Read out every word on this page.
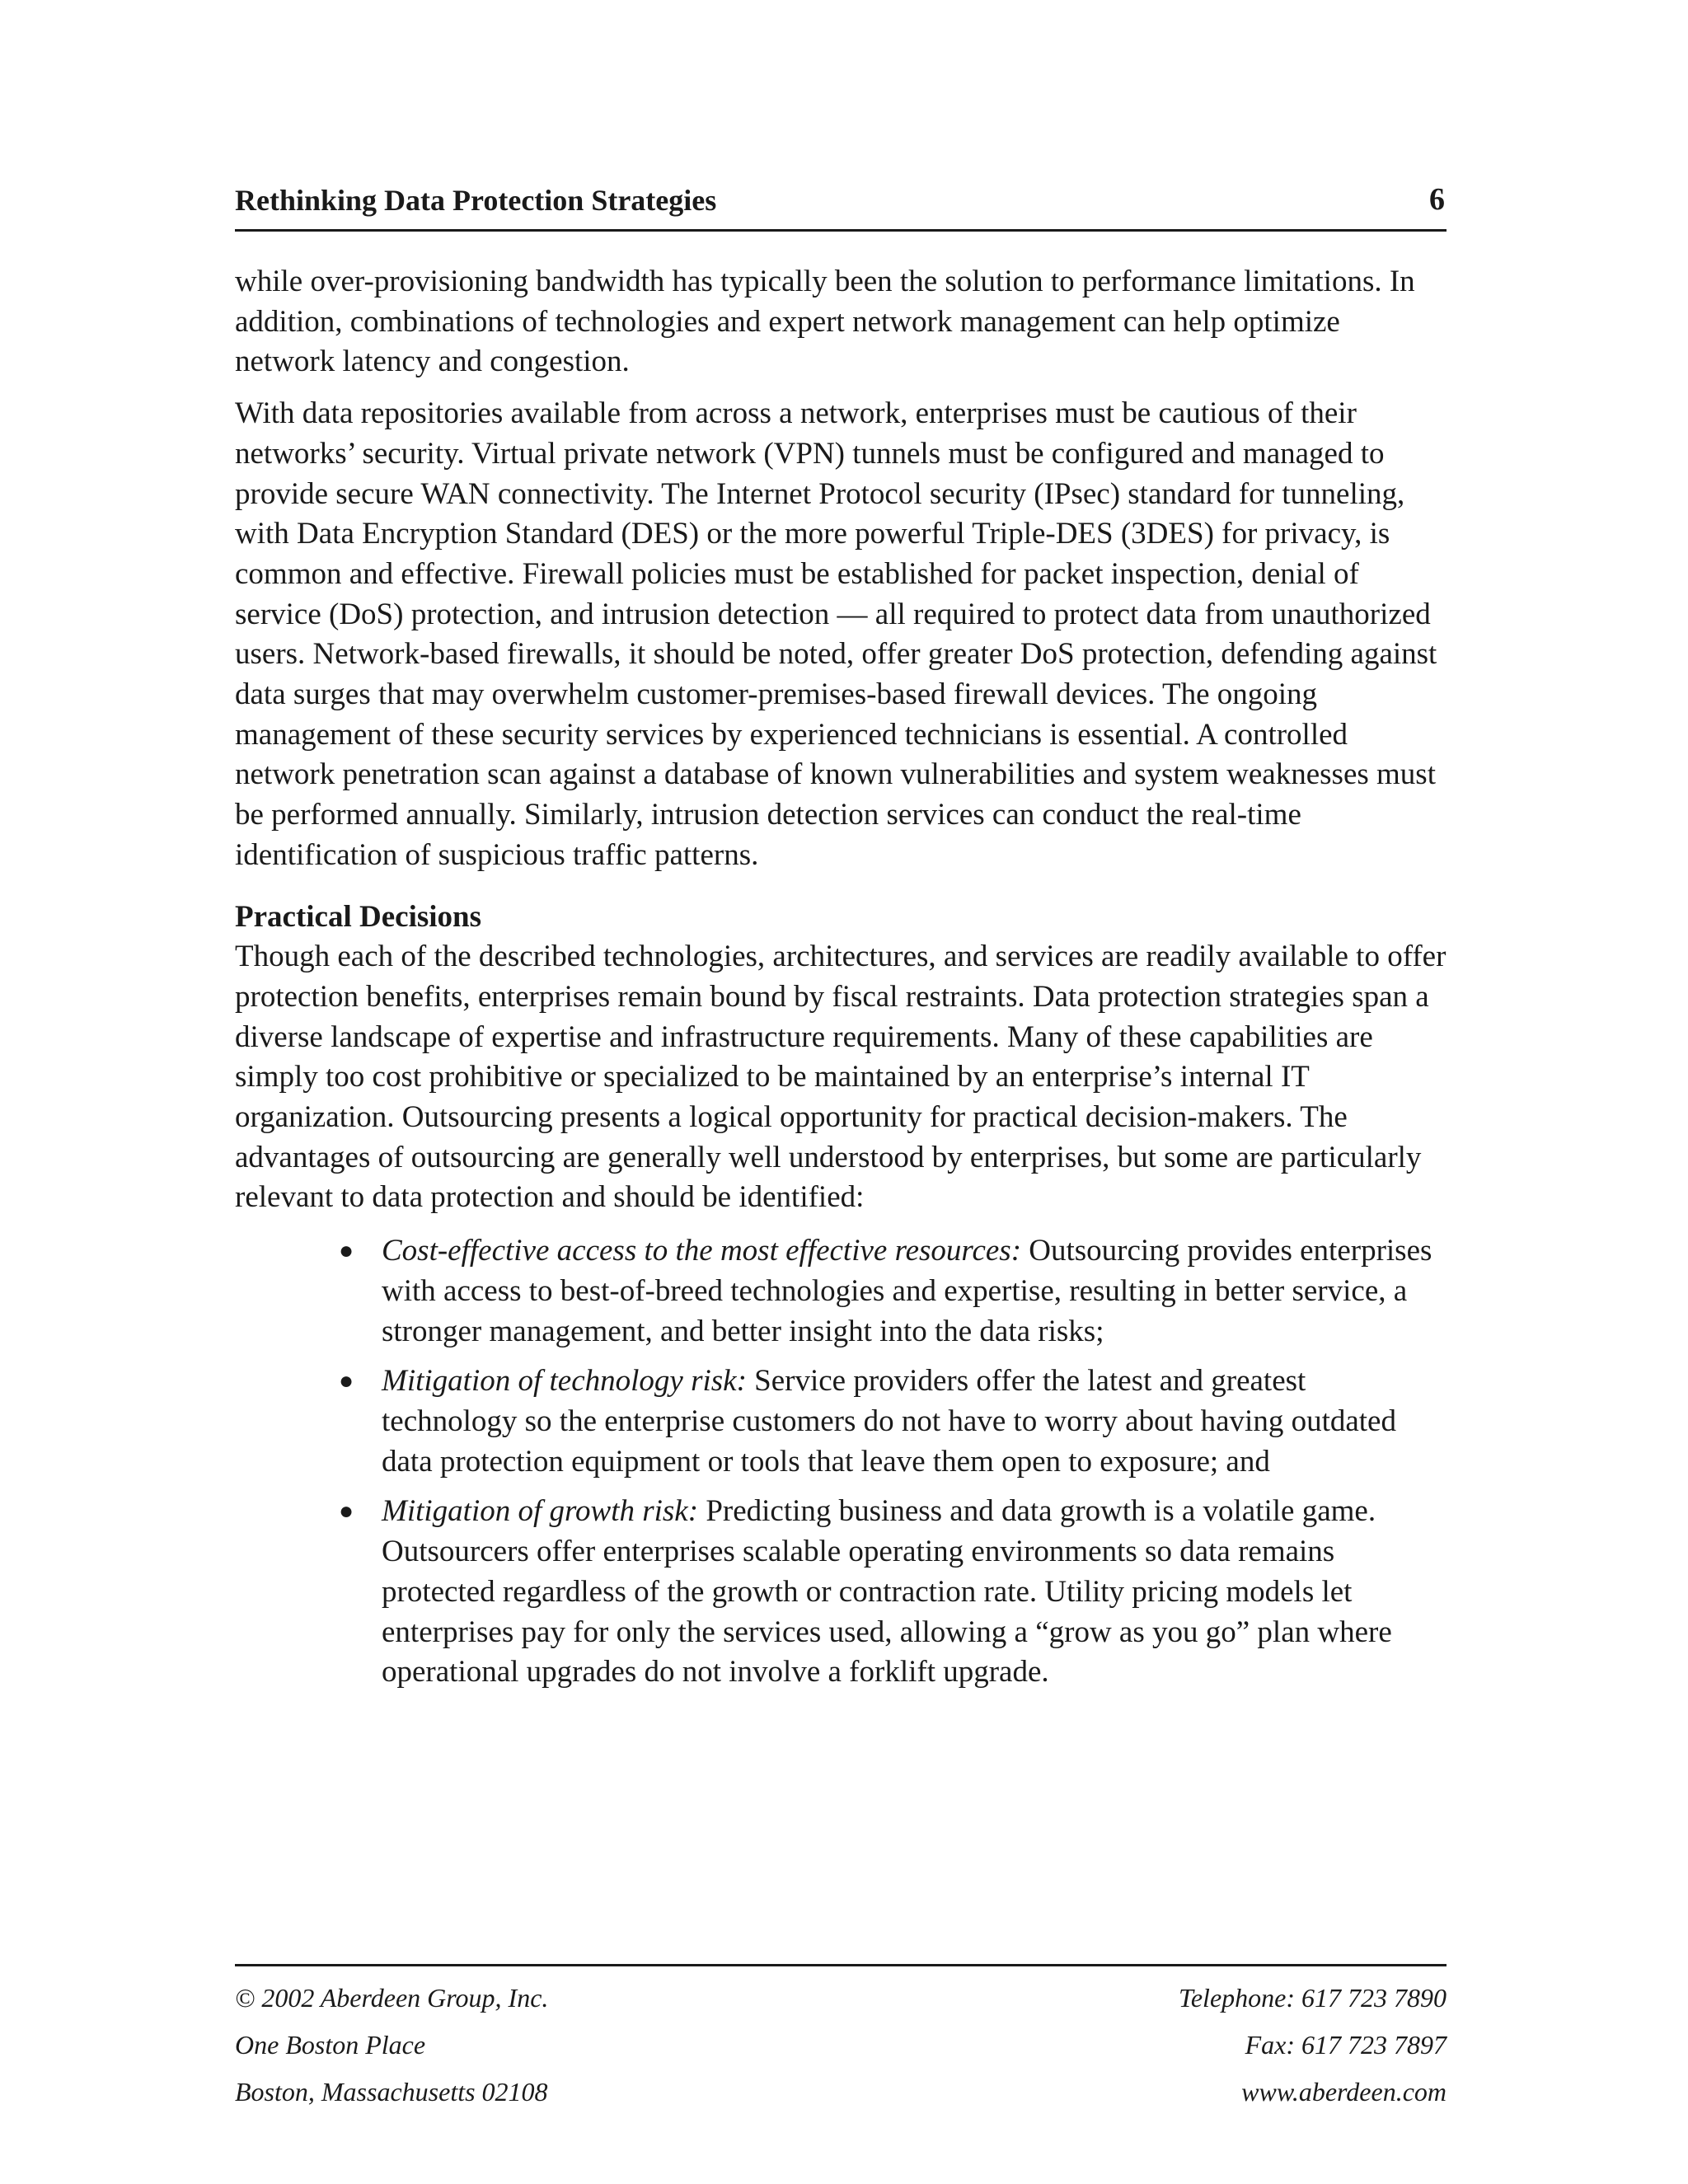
Rethinking Data Protection Strategies	6

while over-provisioning bandwidth has typically been the solution to performance limitations. In addition, combinations of technologies and expert network management can help optimize network latency and congestion.

With data repositories available from across a network, enterprises must be cautious of their networks’ security. Virtual private network (VPN) tunnels must be configured and managed to provide secure WAN connectivity. The Internet Protocol security (IPsec) standard for tunneling, with Data Encryption Standard (DES) or the more powerful Triple-DES (3DES) for privacy, is common and effective. Firewall policies must be established for packet inspection, denial of service (DoS) protection, and intrusion detection — all required to protect data from unauthorized users. Network-based firewalls, it should be noted, offer greater DoS protection, defending against data surges that may overwhelm customer-premises-based firewall devices. The ongoing management of these security services by experienced technicians is essential. A controlled network penetration scan against a database of known vulnerabilities and system weaknesses must be performed annually. Similarly, intrusion detection services can conduct the real-time identification of suspicious traffic patterns.

Practical Decisions

Though each of the described technologies, architectures, and services are readily available to offer protection benefits, enterprises remain bound by fiscal restraints. Data protection strategies span a diverse landscape of expertise and infrastructure requirements. Many of these capabilities are simply too cost prohibitive or specialized to be maintained by an enterprise’s internal IT organization. Outsourcing presents a logical opportunity for practical decision-makers. The advantages of outsourcing are generally well understood by enterprises, but some are particularly relevant to data protection and should be identified:

● Cost-effective access to the most effective resources: Outsourcing provides enterprises with access to best-of-breed technologies and expertise, resulting in better service, a stronger management, and better insight into the data risks;
● Mitigation of technology risk: Service providers offer the latest and greatest technology so the enterprise customers do not have to worry about having outdated data protection equipment or tools that leave them open to exposure; and
● Mitigation of growth risk: Predicting business and data growth is a volatile game. Outsourcers offer enterprises scalable operating environments so data remains protected regardless of the growth or contraction rate. Utility pricing models let enterprises pay for only the services used, allowing a “grow as you go” plan where operational upgrades do not involve a forklift upgrade.
© 2002 Aberdeen Group, Inc.	Telephone: 617 723 7890
One Boston Place	Fax: 617 723 7897
Boston, Massachusetts 02108	www.aberdeen.com
